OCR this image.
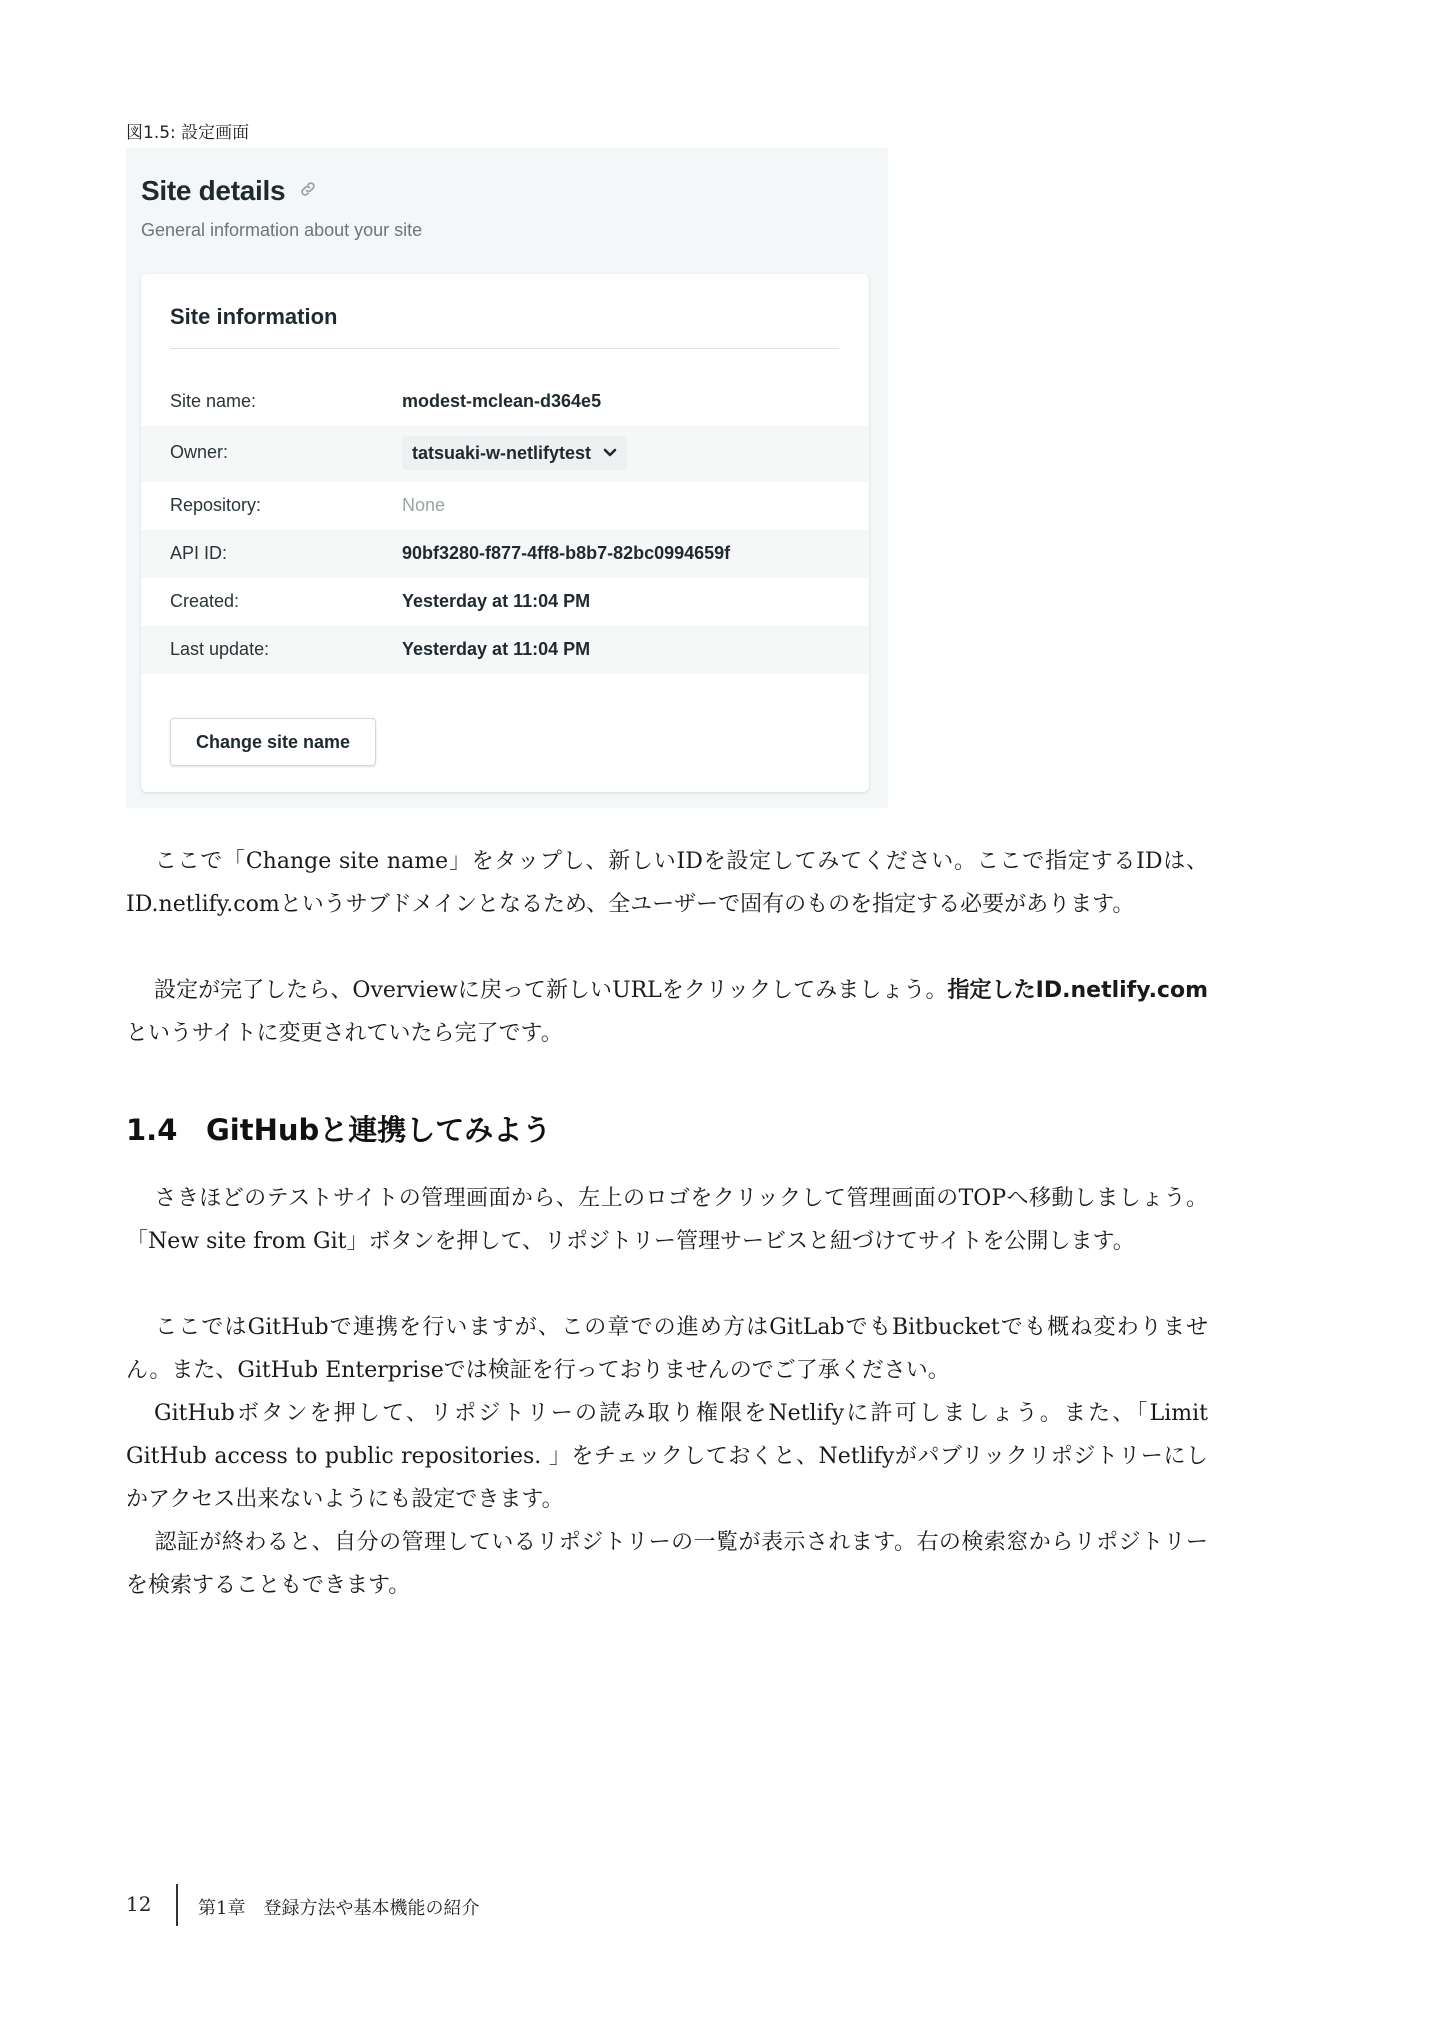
図1.5: 設定画面
Site details
General information about your site
Site information
Site name:	modest-mclean-d364e5
Owner:	tatsuaki-w-netlifytest
Repository:	None
API ID:	90bf3280-f877-4ff8-b8b7-82bc0994659f
Created:	Yesterday at 11:04 PM
Last update:	Yesterday at 11:04 PM
Change site name

ここで「Change site name」をタップし、新しいIDを設定してみてください。ここで指定するIDは、ID.netlify.comというサブドメインとなるため、全ユーザーで固有のものを指定する必要があります。

設定が完了したら、Overviewに戻って新しいURLをクリックしてみましょう。指定したID.netlify.comというサイトに変更されていたら完了です。

1.4 GitHubと連携してみよう

さきほどのテストサイトの管理画面から、左上のロゴをクリックして管理画面のTOPへ移動しましょう。「New site from Git」ボタンを押して、リポジトリー管理サービスと紐づけてサイトを公開します。

ここではGitHubで連携を行いますが、この章での進め方はGitLabでもBitbucketでも概ね変わりません。また、GitHub Enterpriseでは検証を行っておりませんのでご了承ください。

GitHubボタンを押して、リポジトリーの読み取り権限をNetlifyに許可しましょう。また、「Limit GitHub access to public repositories. 」をチェックしておくと、Netlifyがパブリックリポジトリーにしかアクセス出来ないようにも設定できます。

認証が終わると、自分の管理しているリポジトリーの一覧が表示されます。右の検索窓からリポジトリーを検索することもできます。

12	第1章　登録方法や基本機能の紹介
